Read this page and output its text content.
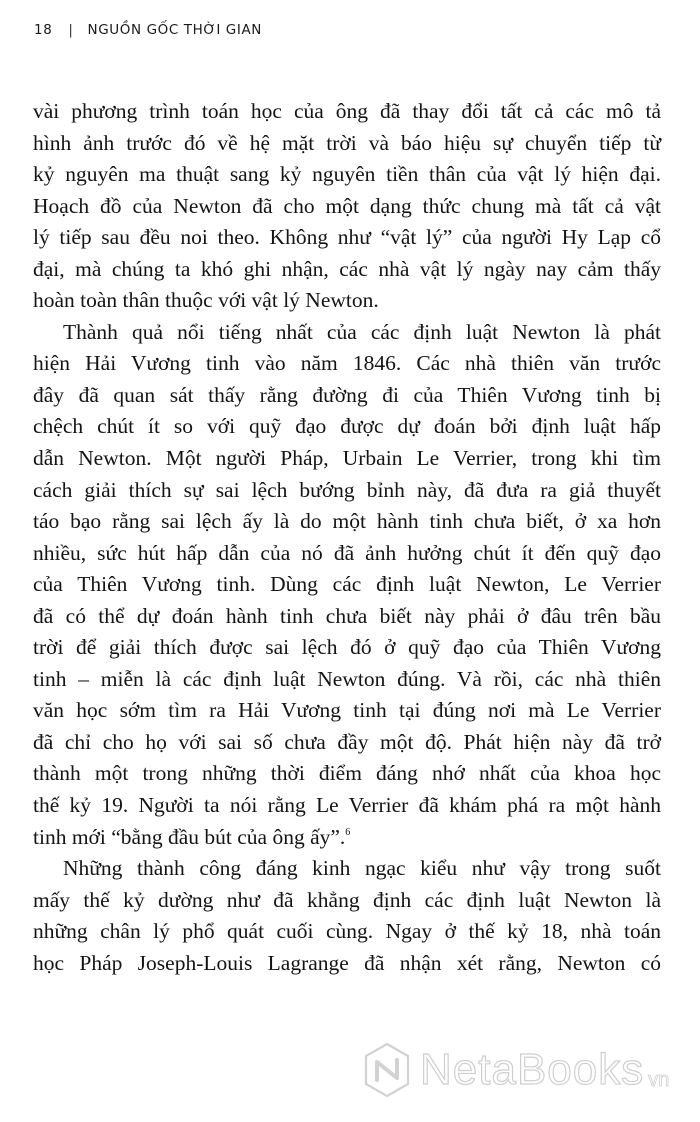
18 | NGUỒN GỐC THỜI GIAN
vài phương trình toán học của ông đã thay đổi tất cả các mô tả
hình ảnh trước đó về hệ mặt trời và báo hiệu sự chuyển tiếp từ
kỷ nguyên ma thuật sang kỷ nguyên tiền thân của vật lý hiện đại.
Hoạch đồ của Newton đã cho một dạng thức chung mà tất cả vật
lý tiếp sau đều noi theo. Không như “vật lý” của người Hy Lạp cổ
đại, mà chúng ta khó ghi nhận, các nhà vật lý ngày nay cảm thấy
hoàn toàn thân thuộc với vật lý Newton.
Thành quả nổi tiếng nhất của các định luật Newton là phát
hiện Hải Vương tinh vào năm 1846. Các nhà thiên văn trước
đây đã quan sát thấy rằng đường đi của Thiên Vương tinh bị
chệch chút ít so với quỹ đạo được dự đoán bởi định luật hấp
dẫn Newton. Một người Pháp, Urbain Le Verrier, trong khi tìm
cách giải thích sự sai lệch bướng bỉnh này, đã đưa ra giả thuyết
táo bạo rằng sai lệch ấy là do một hành tinh chưa biết, ở xa hơn
nhiều, sức hút hấp dẫn của nó đã ảnh hưởng chút ít đến quỹ đạo
của Thiên Vương tinh. Dùng các định luật Newton, Le Verrier
đã có thể dự đoán hành tinh chưa biết này phải ở đâu trên bầu
trời để giải thích được sai lệch đó ở quỹ đạo của Thiên Vương
tinh – miễn là các định luật Newton đúng. Và rồi, các nhà thiên
văn học sớm tìm ra Hải Vương tinh tại đúng nơi mà Le Verrier
đã chỉ cho họ với sai số chưa đầy một độ. Phát hiện này đã trở
thành một trong những thời điểm đáng nhớ nhất của khoa học
thế kỷ 19. Người ta nói rằng Le Verrier đã khám phá ra một hành
tinh mới “bằng đầu bút của ông ấy”.$^6$
Những thành công đáng kinh ngạc kiểu như vậy trong suốt
mấy thế kỷ dường như đã khẳng định các định luật Newton là
những chân lý phổ quát cuối cùng. Ngay ở thế kỷ 18, nhà toán
học Pháp Joseph-Louis Lagrange đã nhận xét rằng, Newton có
NetaBooks vn
